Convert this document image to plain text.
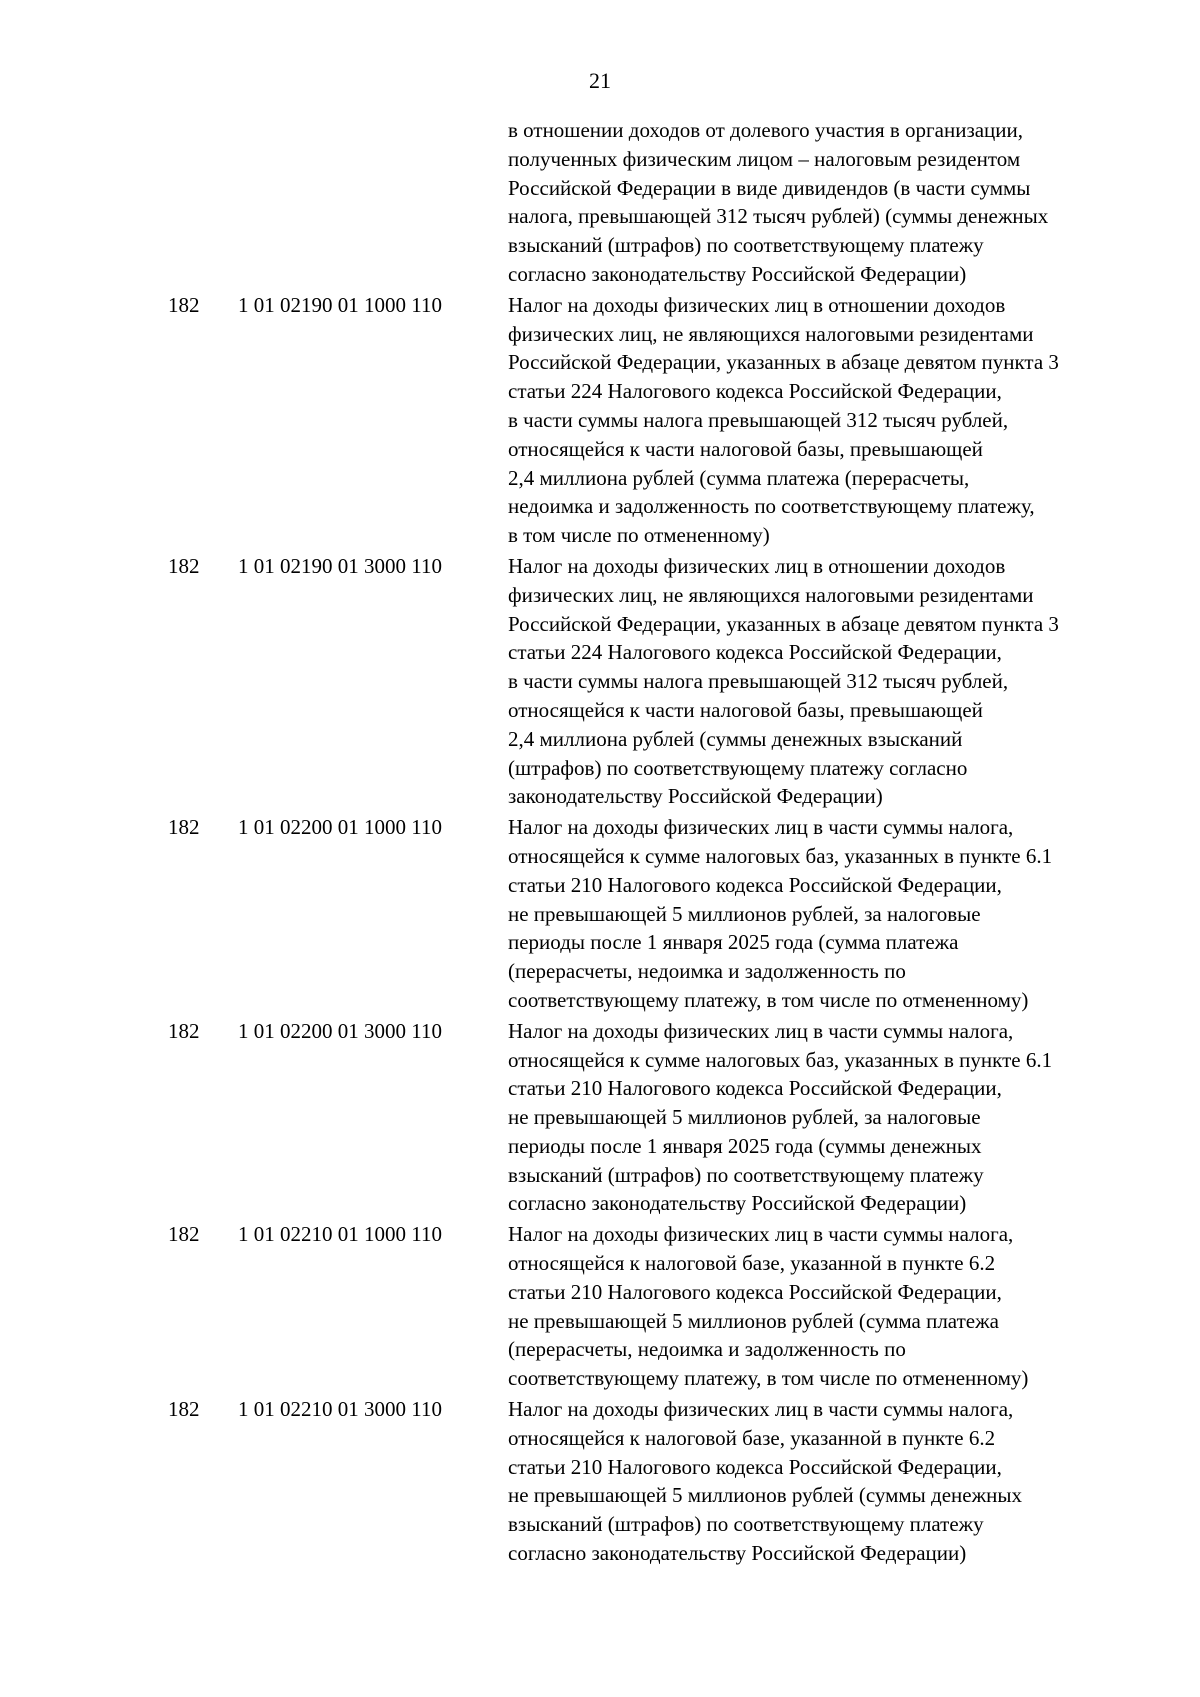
21
в отношении доходов от долевого участия в организации,
полученных физическим лицом – налоговым резидентом
Российской Федерации в виде дивидендов (в части суммы
налога, превышающей 312 тысяч рублей) (суммы денежных
взысканий (штрафов) по соответствующему платежу
согласно законодательству Российской Федерации)
182	1 01 02190 01 1000 110	Налог на доходы физических лиц в отношении доходов
физических лиц, не являющихся налоговыми резидентами
Российской Федерации, указанных в абзаце девятом пункта 3
статьи 224 Налогового кодекса Российской Федерации,
в части суммы налога превышающей 312 тысяч рублей,
относящейся к части налоговой базы, превышающей
2,4 миллиона рублей (сумма платежа (перерасчеты,
недоимка и задолженность по соответствующему платежу,
в том числе по отмененному)
182	1 01 02190 01 3000 110	Налог на доходы физических лиц в отношении доходов
физических лиц, не являющихся налоговыми резидентами
Российской Федерации, указанных в абзаце девятом пункта 3
статьи 224 Налогового кодекса Российской Федерации,
в части суммы налога превышающей 312 тысяч рублей,
относящейся к части налоговой базы, превышающей
2,4 миллиона рублей (суммы денежных взысканий
(штрафов) по соответствующему платежу согласно
законодательству Российской Федерации)
182	1 01 02200 01 1000 110	Налог на доходы физических лиц в части суммы налога,
относящейся к сумме налоговых баз, указанных в пункте 6.1
статьи 210 Налогового кодекса Российской Федерации,
не превышающей 5 миллионов рублей, за налоговые
периоды после 1 января 2025 года (сумма платежа
(перерасчеты, недоимка и задолженность по
соответствующему платежу, в том числе по отмененному)
182	1 01 02200 01 3000 110	Налог на доходы физических лиц в части суммы налога,
относящейся к сумме налоговых баз, указанных в пункте 6.1
статьи 210 Налогового кодекса Российской Федерации,
не превышающей 5 миллионов рублей, за налоговые
периоды после 1 января 2025 года (суммы денежных
взысканий (штрафов) по соответствующему платежу
согласно законодательству Российской Федерации)
182	1 01 02210 01 1000 110	Налог на доходы физических лиц в части суммы налога,
относящейся к налоговой базе, указанной в пункте 6.2
статьи 210 Налогового кодекса Российской Федерации,
не превышающей 5 миллионов рублей (сумма платежа
(перерасчеты, недоимка и задолженность по
соответствующему платежу, в том числе по отмененному)
182	1 01 02210 01 3000 110	Налог на доходы физических лиц в части суммы налога,
относящейся к налоговой базе, указанной в пункте 6.2
статьи 210 Налогового кодекса Российской Федерации,
не превышающей 5 миллионов рублей (суммы денежных
взысканий (штрафов) по соответствующему платежу
согласно законодательству Российской Федерации)
